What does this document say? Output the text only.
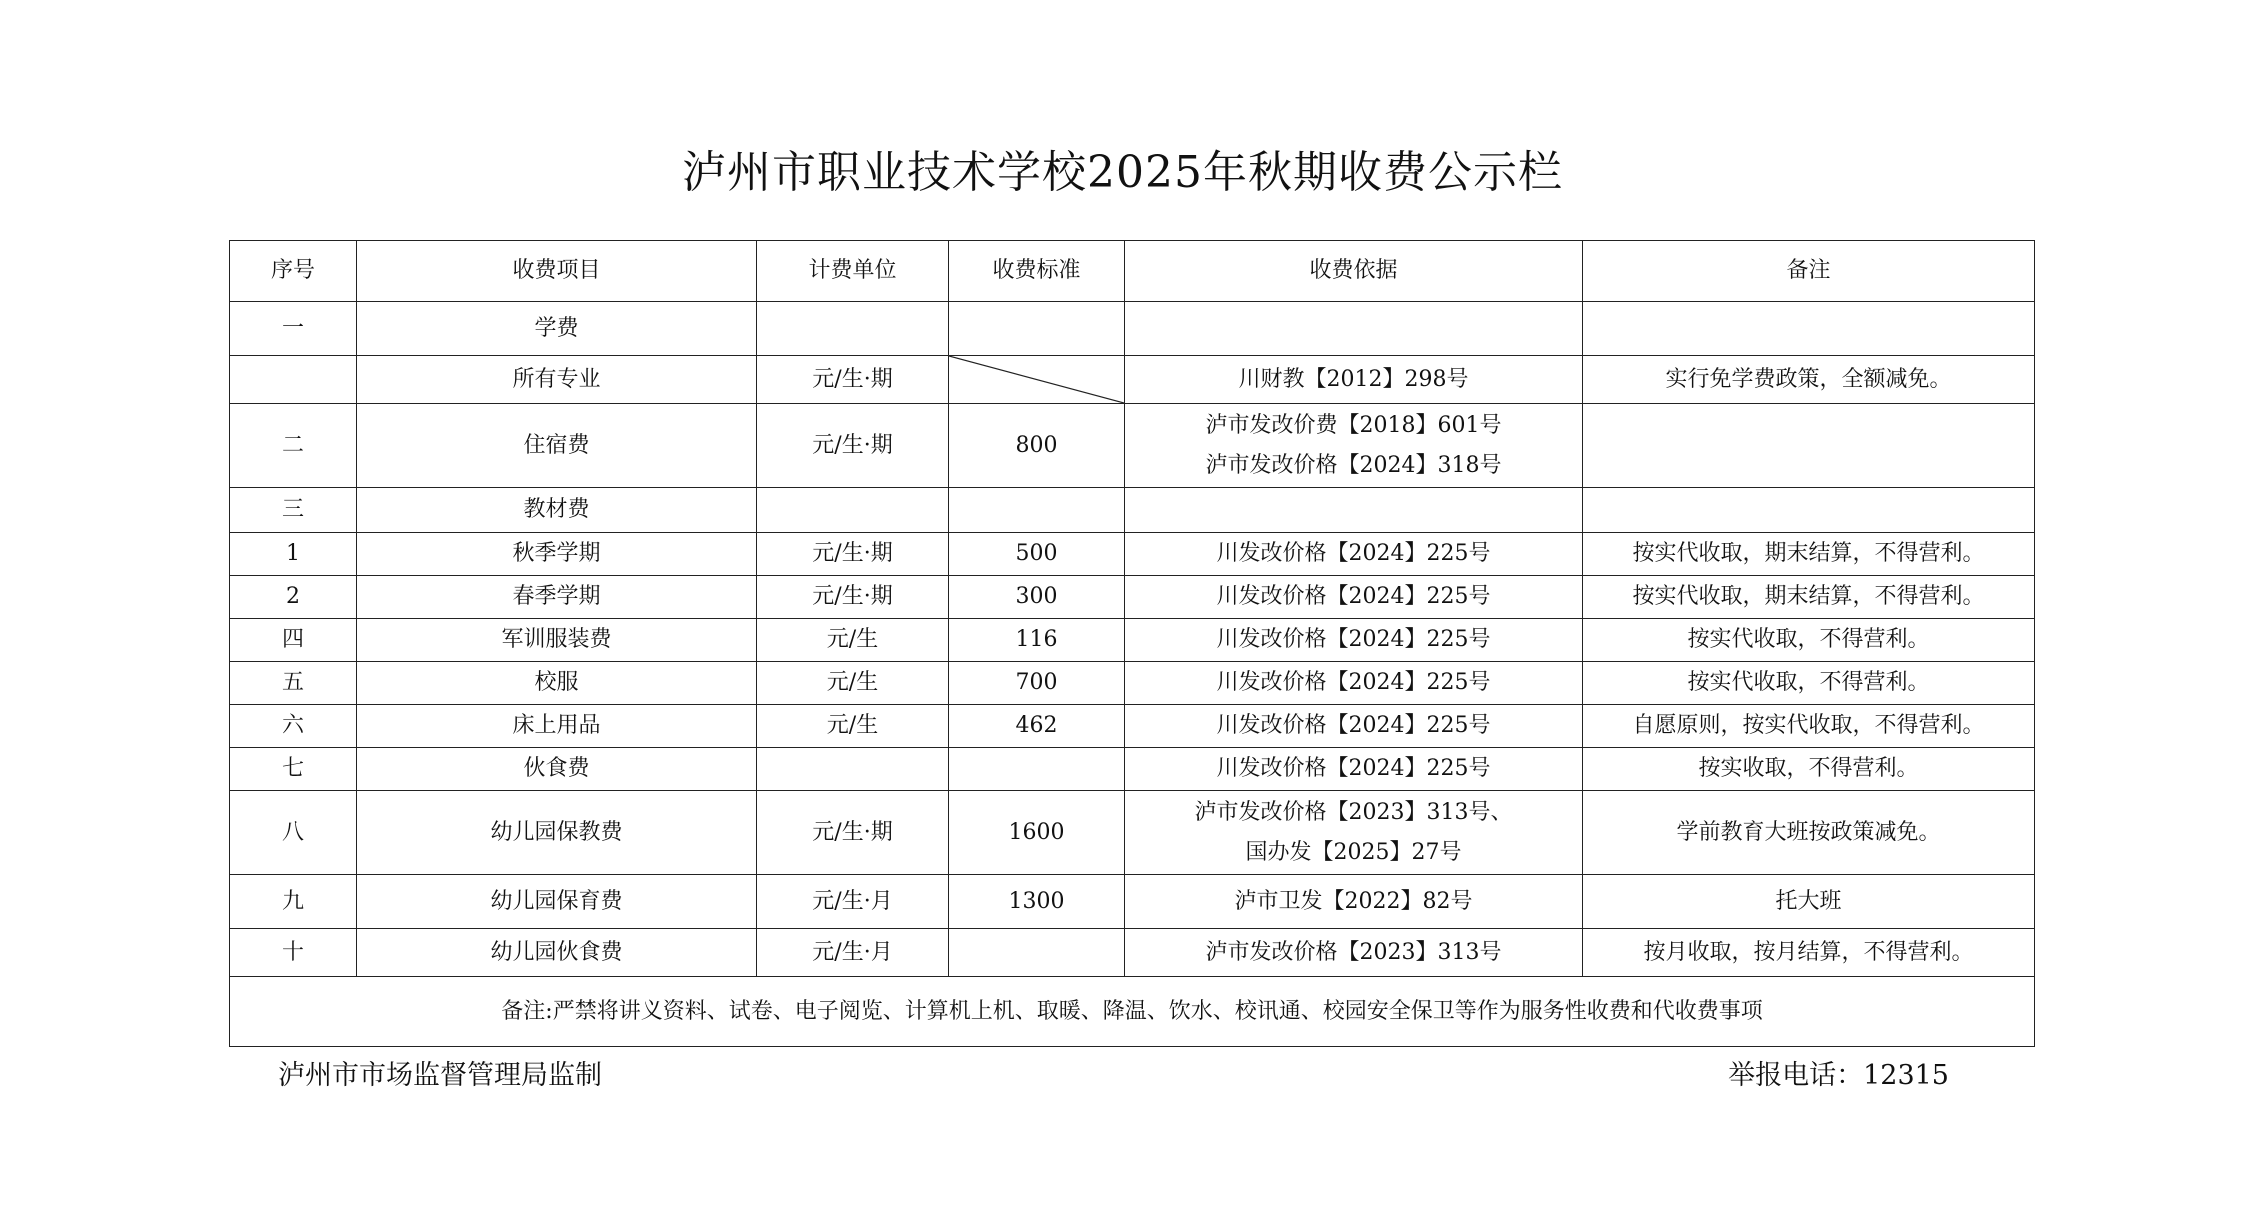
泸州市职业技术学校2025年秋期收费公示栏
序号	收费项目	计费单位	收费标准	收费依据	备注
一	学费			

	所有专业	元/生·期		川财教【2012】298号	实行免学费政策，全额减免。
二	住宿费	元/生·期	800	泸市发改价费【2018】601号
泸市发改价格【2024】318号	

三	教材费			

1	秋季学期	元/生·期	500	川发改价格【2024】225号	按实代收取，期末结算，不得营利。
2	春季学期	元/生·期	300	川发改价格【2024】225号	按实代收取，期末结算，不得营利。
四	军训服装费	元/生	116	川发改价格【2024】225号	按实代收取，不得营利。
五	校服	元/生	700	川发改价格【2024】225号	按实代收取，不得营利。
六	床上用品	元/生	462	川发改价格【2024】225号	自愿原则，按实代收取，不得营利。
七	伙食费			川发改价格【2024】225号	按实收取，不得营利。
八	幼儿园保教费	元/生·期	1600	泸市发改价格【2023】313号、
国办发【2025】27号	学前教育大班按政策减免。
九	幼儿园保育费	元/生·月	1300	泸市卫发【2022】82号	托大班
十	幼儿园伙食费	元/生·月		泸市发改价格【2023】313号	按月收取，按月结算，不得营利。
备注:严禁将讲义资料、试卷、电子阅览、计算机上机、取暖、降温、饮水、校讯通、校园安全保卫等作为服务性收费和代收费事项					
泸州市市场监督管理局监制	举报电话：12315
